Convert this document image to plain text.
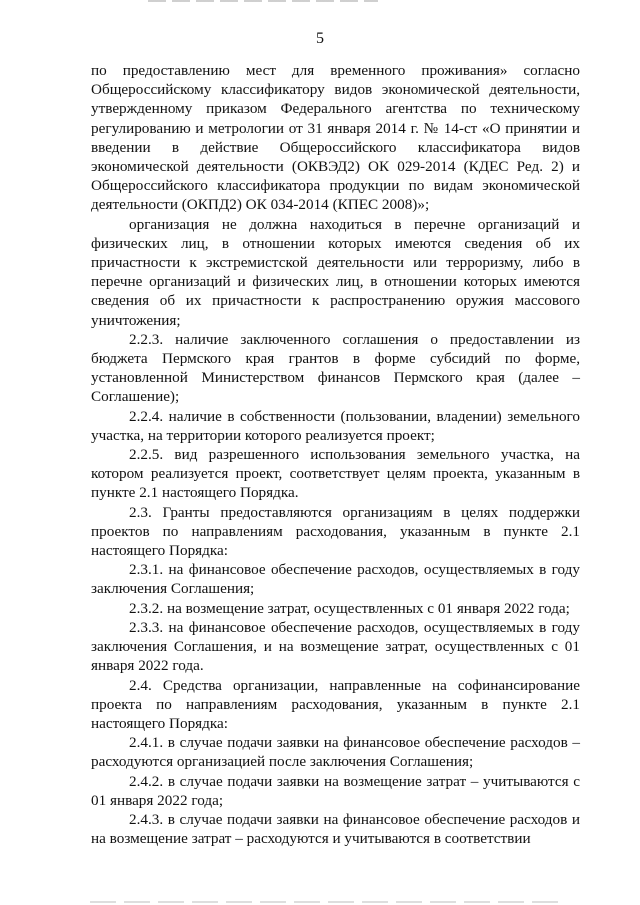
5

по предоставлению мест для временного проживания» согласно Общероссийскому классификатору видов экономической деятельности, утвержденному приказом Федерального агентства по техническому регулированию и метрологии от 31 января 2014 г. № 14-ст «О принятии и введении в действие Общероссийского классификатора видов экономической деятельности (ОКВЭД2) ОК 029-2014 (КДЕС Ред. 2) и Общероссийского классификатора продукции по видам экономической деятельности (ОКПД2) ОК 034-2014 (КПЕС 2008)»;

организация не должна находиться в перечне организаций и физических лиц, в отношении которых имеются сведения об их причастности к экстремистской деятельности или терроризму, либо в перечне организаций и физических лиц, в отношении которых имеются сведения об их причастности к распространению оружия массового уничтожения;

2.2.3. наличие заключенного соглашения о предоставлении из бюджета Пермского края грантов в форме субсидий по форме, установленной Министерством финансов Пермского края (далее – Соглашение);

2.2.4. наличие в собственности (пользовании, владении) земельного участка, на территории которого реализуется проект;

2.2.5. вид разрешенного использования земельного участка, на котором реализуется проект, соответствует целям проекта, указанным в пункте 2.1 настоящего Порядка.

2.3. Гранты предоставляются организациям в целях поддержки проектов по направлениям расходования, указанным в пункте 2.1 настоящего Порядка:

2.3.1. на финансовое обеспечение расходов, осуществляемых в году заключения Соглашения;

2.3.2. на возмещение затрат, осуществленных с 01 января 2022 года;

2.3.3. на финансовое обеспечение расходов, осуществляемых в году заключения Соглашения, и на возмещение затрат, осуществленных с 01 января 2022 года.

2.4. Средства организации, направленные на софинансирование проекта по направлениям расходования, указанным в пункте 2.1 настоящего Порядка:

2.4.1. в случае подачи заявки на финансовое обеспечение расходов – расходуются организацией после заключения Соглашения;

2.4.2. в случае подачи заявки на возмещение затрат – учитываются с 01 января 2022 года;

2.4.3. в случае подачи заявки на финансовое обеспечение расходов и на возмещение затрат – расходуются и учитываются в соответствии
